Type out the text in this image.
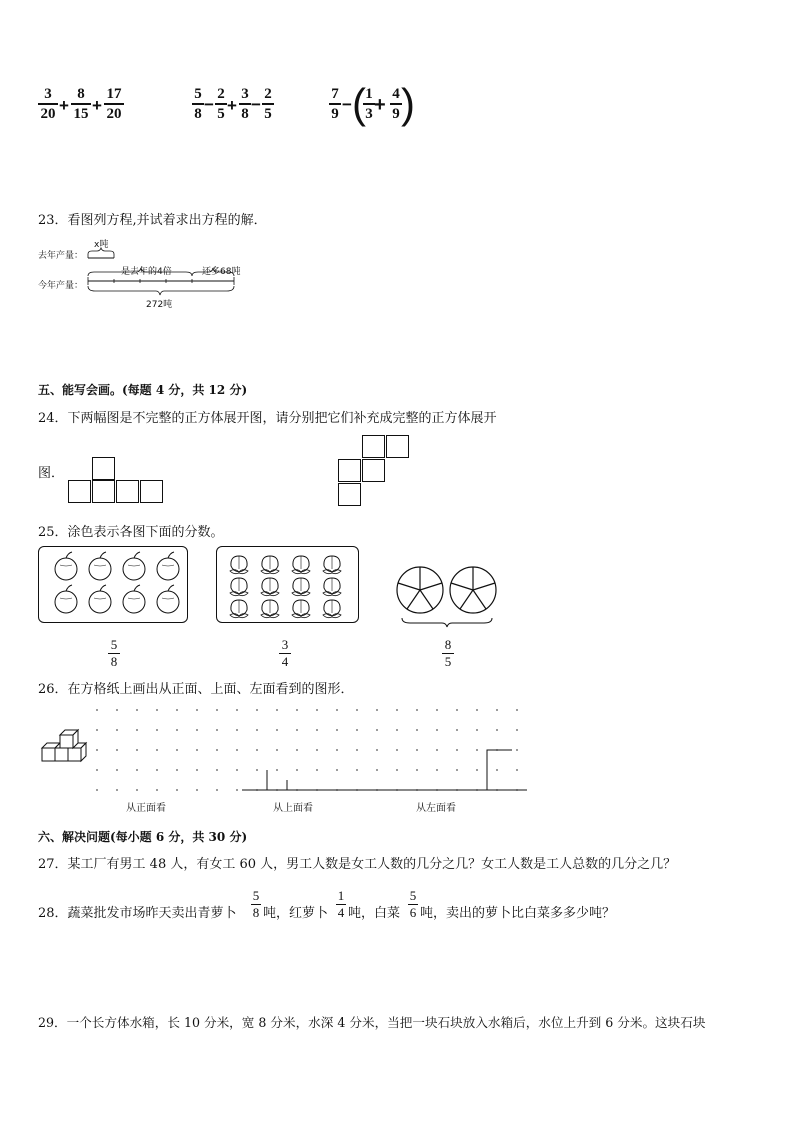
3
20 +
8
15 +
17
20
5
8 −
2
5 +
3
8 −
2
5
7
9 − ( 1
3 + 4
9 )
23．看图列方程,并试着求出方程的解．
去年产量：
x吨
今年产量：
是去年的4倍	还多68吨
272吨
五、能写会画。(每题 4 分，共 12 分)
24．下两幅图是不完整的正方体展开图，请分别把它们补充成完整的正方体展开
图．
25．涂色表示各图下面的分数。
5
8
3
4
8
5
26．在方格纸上画出从正面、上面、左面看到的图形．
从正面看	从上面看	从左面看
六、解决问题(每小题 6 分，共 30 分)
27．某工厂有男工 48 人，有女工 60 人，男工人数是女工人数的几分之几？女工人数是工人总数的几分之几？
28．蔬菜批发市场昨天卖出青萝卜
5
8 吨，红萝卜
1
4 吨，白菜
5
6 吨，卖出的萝卜比白菜多多少吨？
29．一个长方体水箱，长 10 分米，宽 8 分米，水深 4 分米，当把一块石块放入水箱后，水位上升到 6 分米。这块石块
